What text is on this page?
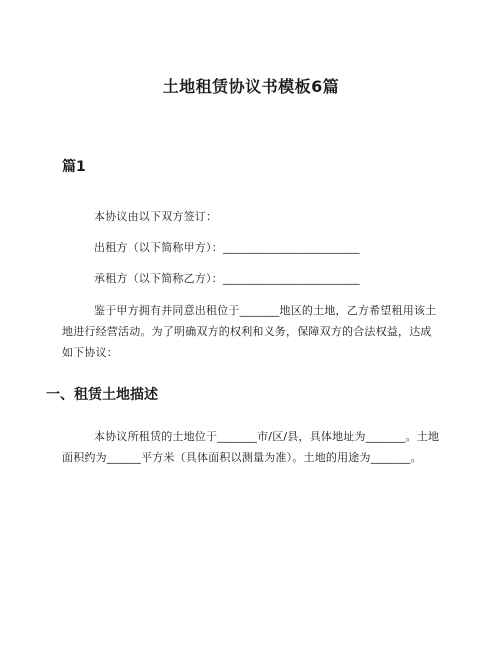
土地租赁协议书模板6篇
篇1

本协议由以下双方签订：

出租方（以下简称甲方）：________________________

承租方（以下简称乙方）：________________________

鉴于甲方拥有并同意出租位于_______地区的土地，乙方希望租用该土地进行经营活动。为了明确双方的权利和义务，保障双方的合法权益，达成如下协议：

一、租赁土地描述

本协议所租赁的土地位于_______市/区/县，具体地址为_______。土地面积约为______平方米（具体面积以测量为准）。土地的用途为_______。
